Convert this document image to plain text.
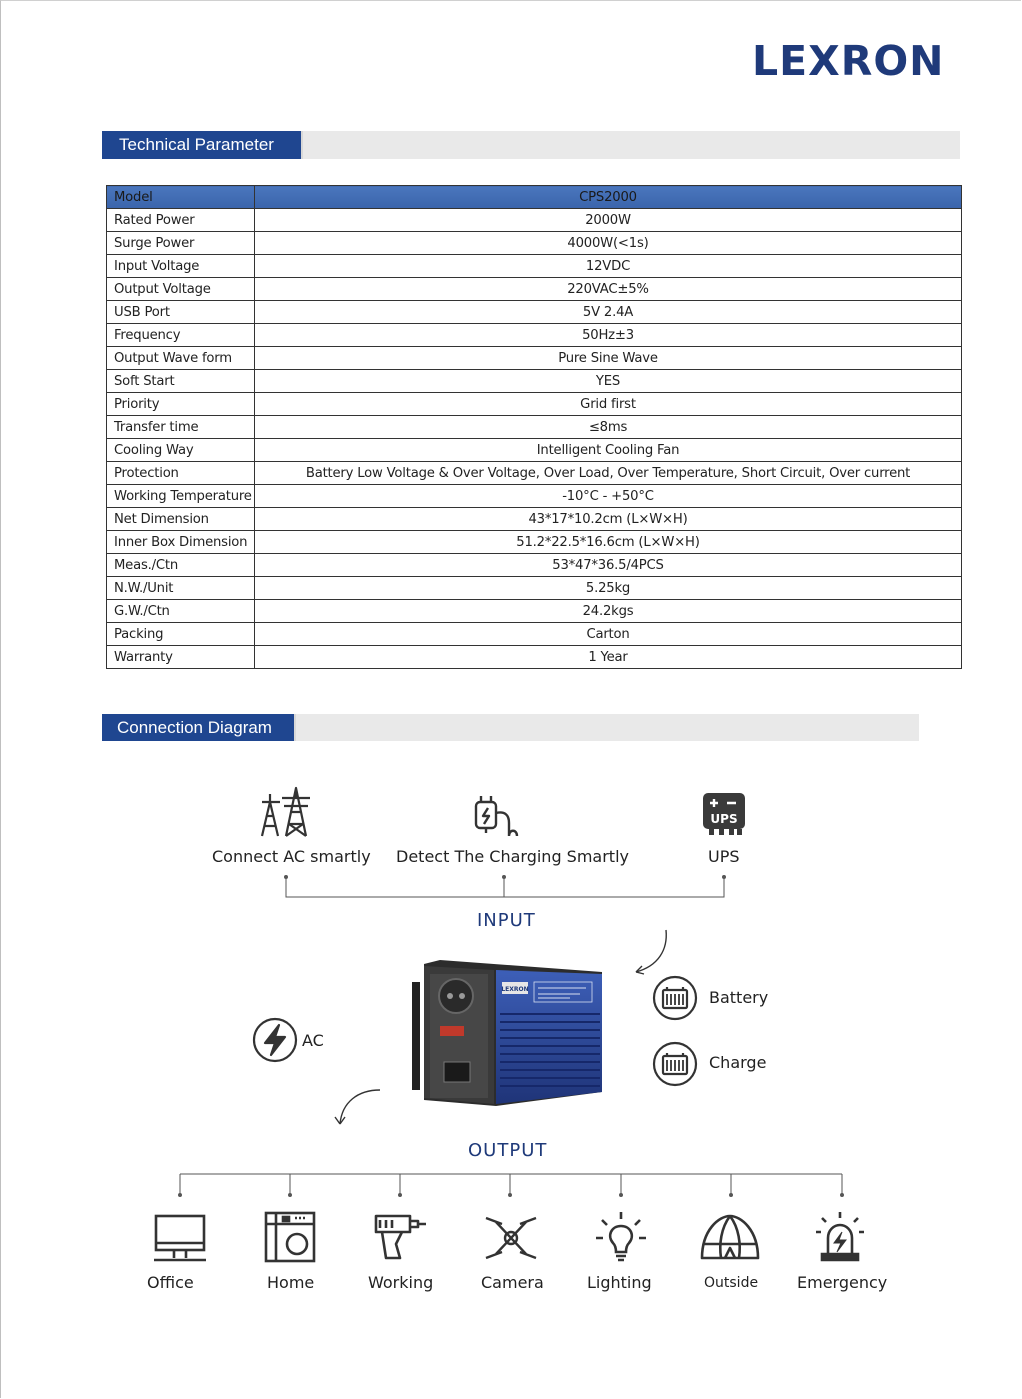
LEXRON
Technical Parameter
Model	CPS2000
Rated Power	2000W
Surge Power	4000W(<1s)
Input Voltage	12VDC
Output Voltage	220VAC±5%
USB Port	5V 2.4A
Frequency	50Hz±3
Output Wave form	Pure Sine Wave
Soft Start	YES
Priority	Grid first
Transfer time	≤8ms
Cooling Way	Intelligent Cooling Fan
Protection	Battery Low Voltage & Over Voltage, Over Load, Over Temperature, Short Circuit, Over current
Working Temperature	-10°C - +50°C
Net Dimension	43*17*10.2cm (L×W×H)
Inner Box Dimension	51.2*22.5*16.6cm (L×W×H)
Meas./Ctn	53*47*36.5/4PCS
N.W./Unit	5.25kg
G.W./Ctn	24.2kgs
Packing	Carton
Warranty	1 Year
Connection Diagram
UPS
Connect AC smartly Detect The Charging Smartly	UPS
INPUT
AC
LEXRON	Battery
Charge
OUTPUT
Office	Home	Working	Camera	Lighting	Outside Emergency
